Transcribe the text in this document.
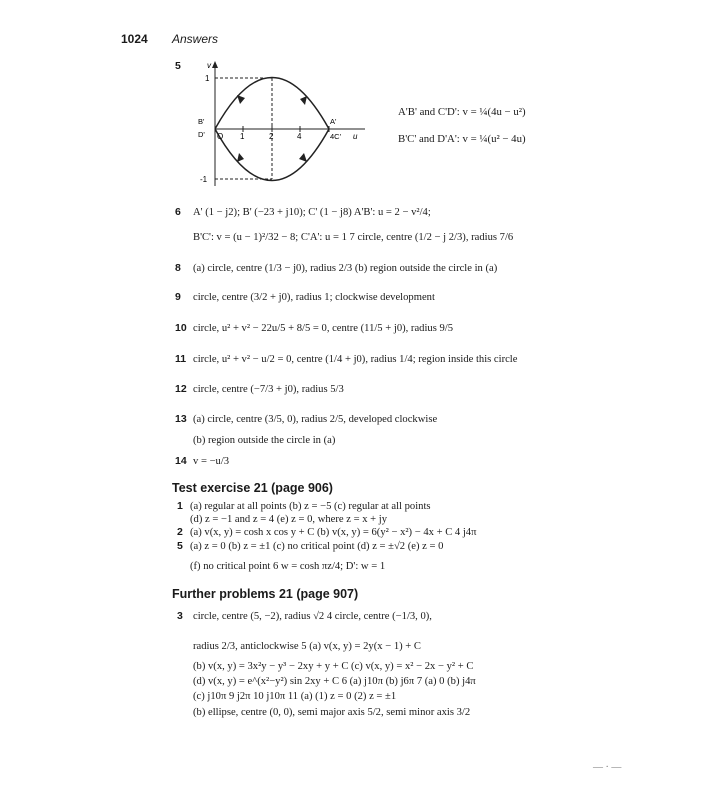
1024 Answers
5	v
1
-1
B'
D' O 1	2	4
A'
4C' u
A'B' and C'D': v = ¼(4u − u²)
B'C' and D'A': v = ¼(u² − 4u)
6 A' (1 − j2); B' (−23 + j10); C' (1 − j8) A'B': u = 2 − v²/4;
B'C': v = (u − 1)²/32 − 8; C'A': u = 1 7 circle, centre (1/2 − j 2/3), radius 7/6
8 (a) circle, centre (1/3 − j0), radius 2/3 (b) region outside the circle in (a)
9 circle, centre (3/2 + j0), radius 1; clockwise development
10 circle, u² + v² − 22u/5 + 8/5 = 0, centre (11/5 + j0), radius 9/5
11 circle, u² + v² − u/2 = 0, centre (1/4 + j0), radius 1/4; region inside this circle
12 circle, centre (−7/3 + j0), radius 5/3
13 (a) circle, centre (3/5, 0), radius 2/5, developed clockwise
(b) region outside the circle in (a)
14 v = −u/3
Test exercise 21 (page 906)
1 (a) regular at all points (b) z = −5 (c) regular at all points
(d) z = −1 and z = 4 (e) z = 0, where z = x + jy
2 (a) v(x, y) = cosh x cos y + C (b) v(x, y) = 6(y² − x²) − 4x + C 4 j4π
5 (a) z = 0 (b) z = ±1 (c) no critical point (d) z = ±√2 (e) z = 0
(f) no critical point 6 w = cosh πz/4; D': w = 1
Further problems 21 (page 907)
3 circle, centre (5, −2), radius √2 4 circle, centre (−1/3, 0),
radius 2/3, anticlockwise 5 (a) v(x, y) = 2y(x − 1) + C
(b) v(x, y) = 3x²y − y³ − 2xy + y + C (c) v(x, y) = x² − 2x − y² + C
(d) v(x, y) = e^(x²−y²) sin 2xy + C 6 (a) j10π (b) j6π 7 (a) 0 (b) j4π
(c) j10π 9 j2π 10 j10π 11 (a) (1) z = 0 (2) z = ±1
(b) ellipse, centre (0, 0), semi major axis 5/2, semi minor axis 3/2
— · —
